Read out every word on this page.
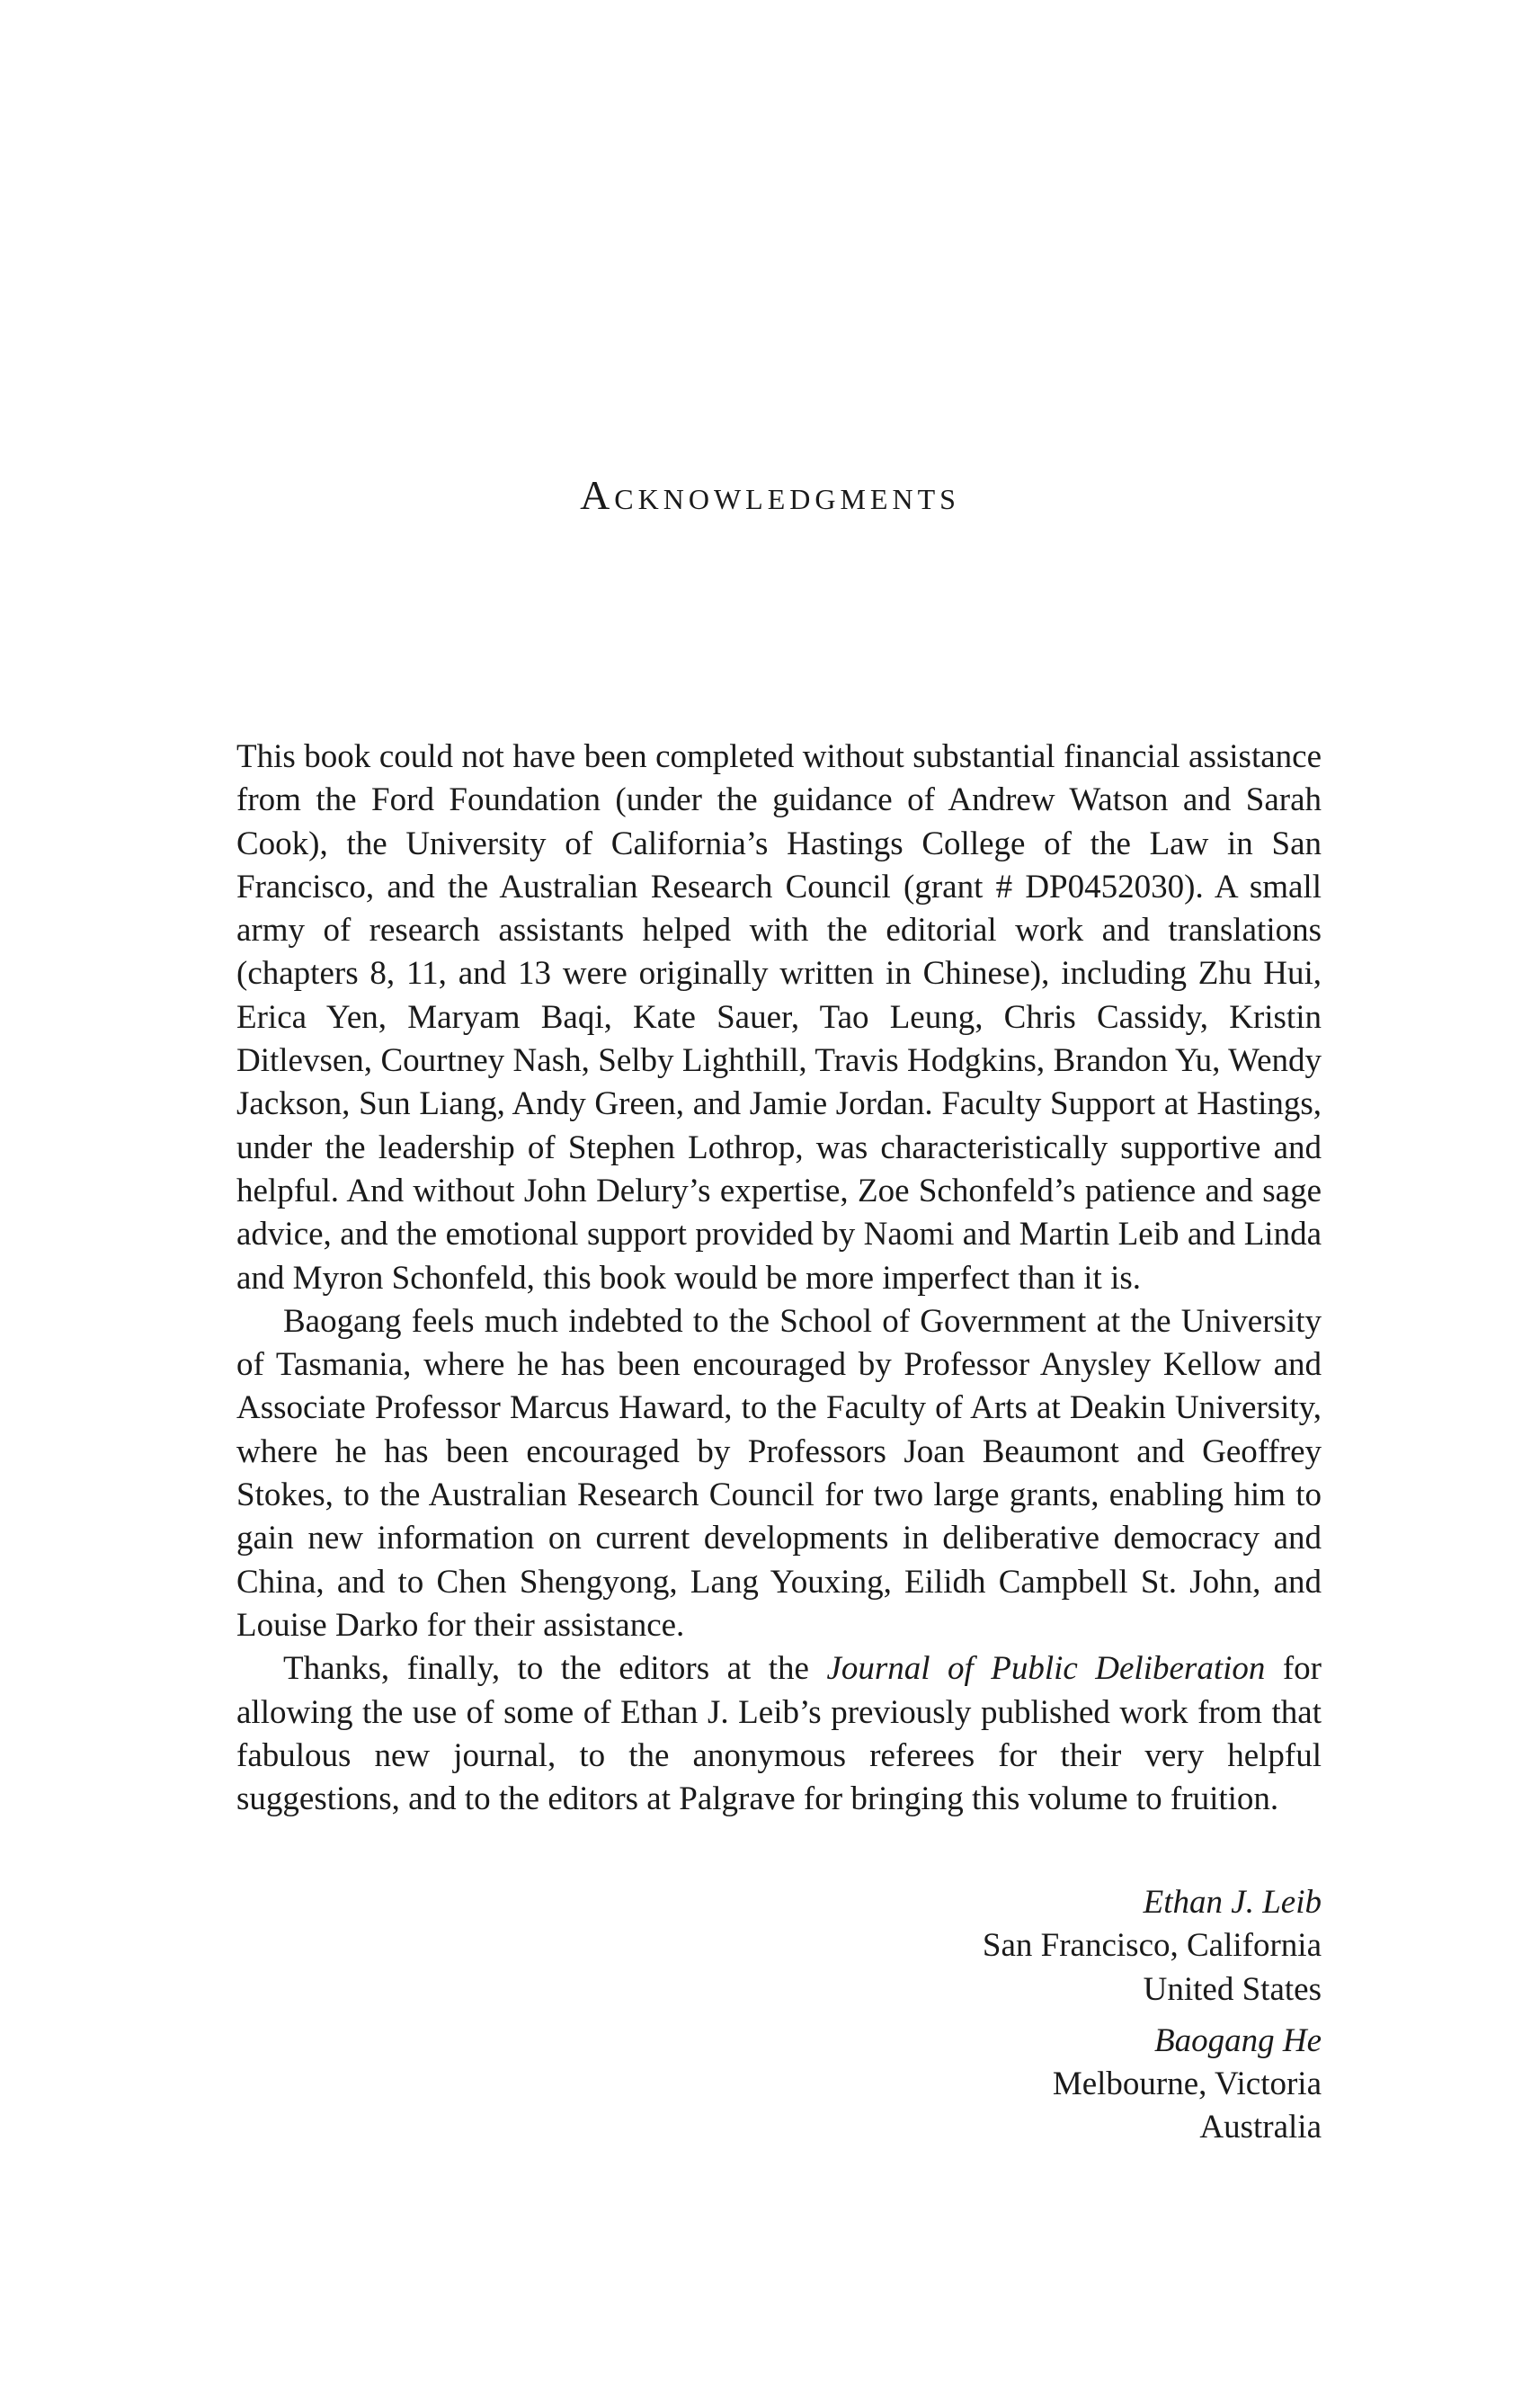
Acknowledgments

This book could not have been completed without substantial financial assistance from the Ford Foundation (under the guidance of Andrew Watson and Sarah Cook), the University of California’s Hastings College of the Law in San Francisco, and the Australian Research Council (grant # DP0452030). A small army of research assistants helped with the editorial work and translations (chapters 8, 11, and 13 were originally written in Chinese), including Zhu Hui, Erica Yen, Maryam Baqi, Kate Sauer, Tao Leung, Chris Cassidy, Kristin Ditlevsen, Courtney Nash, Selby Lighthill, Travis Hodgkins, Brandon Yu, Wendy Jackson, Sun Liang, Andy Green, and Jamie Jordan. Faculty Support at Hastings, under the leadership of Stephen Lothrop, was characteristically supportive and helpful. And without John Delury’s expertise, Zoe Schonfeld’s patience and sage advice, and the emotional support provided by Naomi and Martin Leib and Linda and Myron Schonfeld, this book would be more imperfect than it is.

Baogang feels much indebted to the School of Government at the University of Tasmania, where he has been encouraged by Professor Anysley Kellow and Associate Professor Marcus Haward, to the Faculty of Arts at Deakin University, where he has been encouraged by Professors Joan Beaumont and Geoffrey Stokes, to the Australian Research Council for two large grants, enabling him to gain new information on current developments in deliberative democracy and China, and to Chen Shengyong, Lang Youxing, Eilidh Campbell St. John, and Louise Darko for their assistance.

Thanks, finally, to the editors at the Journal of Public Deliberation for allowing the use of some of Ethan J. Leib’s previously published work from that fabulous new journal, to the anonymous referees for their very helpful suggestions, and to the editors at Palgrave for bringing this volume to fruition.

Ethan J. Leib
San Francisco, California
United States
Baogang He
Melbourne, Victoria
Australia
